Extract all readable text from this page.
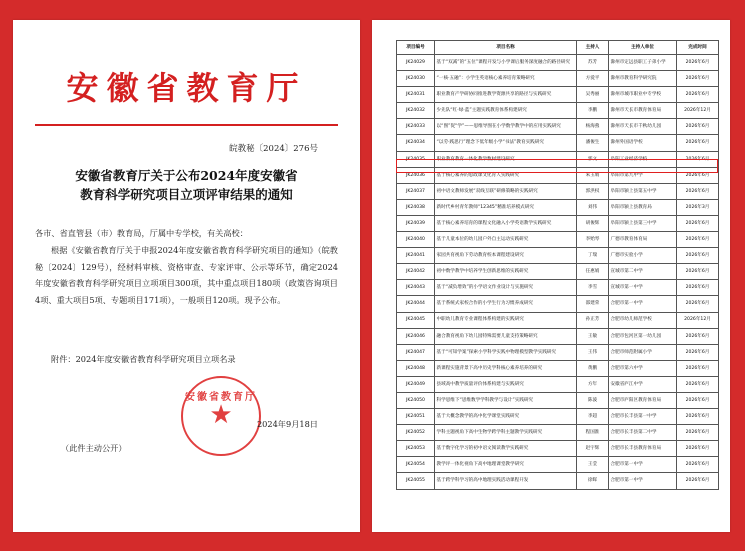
安徽省教育厅
皖教秘〔2024〕276号
安徽省教育厅关于公布2024年度安徽省
教育科学研究项目立项评审结果的通知
各市、省直管县（市）教育局，厅属中专学校，有关高校：
根据《安徽省教育厅关于申报2024年度安徽省教育科学研究项目的通知》（皖教秘〔2024〕129号），经材料审核、资格审查、专家评审、公示等环节，确定2024年度安徽省教育科学研究项目立项项目300项，其中重点项目180项（政策咨询项目4项、重大项目5项、专题项目171项），一般项目120项。现予公布。
附件：2024年度安徽省教育科学研究项目立项名录
安徽省教育厅
★	2024年9月18日
（此件主动公开）
项目编号	项目名称	主持人	主持人单位	完成时间
JK24029	基于“双减”的“五位”课程开发与小学课后服务深度融合的路径研究	苏芳	滁州市定远县职工子弟小学	2026年6月
JK24030	“一核·五融”：小学生英语核心素养培育策略研究	方爱平	滁州市教育科学研究院	2026年6月
JK24031	职业教育产学研协同推进教学资源共享的路径与实践研究	吴秀丽	滁州市城市职业中专学校	2026年6月
JK24032	少先队“红·绿·蓝”主题实践教育体系构建研究	李鹏	滁州市天长市教育体育局	2026年12月
JK24033	以“图”促“学”——思维导图在小学数学教学中的应用实践研究	杨海燕	滁州市天长市千秋幼儿园	2026年6月
JK24034	“以劳·践思行”理念下低年级小学“书法”教育实践研究	潘俊生	滁州外国语学校	2026年6月
JK24035	职业教育教育一体化教学数材建设研究	郭文	阜阳工业经济学校	2026年6月
JK24036	基于核心素养的思政课文化育人实践研究	朱玉娟	阜阳市第九中学	2026年6月
JK24037	初中语文教师发展“双线互联”研修策略的实践研究	郭洪权	阜阳市颍上县第五中学	2026年6月
JK24038	新时代乡村青年教师“12345”精准培养模式研究	刘伟	阜阳市颍上县教育局	2026年3月
JK24039	基于核心素养培育的课程文化融入小学英语教学实践研究	胡俊辉	阜阳市颍上县第三中学	2026年6月
JK24040	基于儿童本位的幼儿园户外自主运动实践研究	李贻琴	广德市教育体育局	2026年6月
JK24041	家园共育视角下劳动教育校本课程建设研究	丁瑞	广德市实验小学	2026年6月
JK24042	初中数学教学中培养学生创新思维的实践研究	任惠娟	宣城市第二中学	2026年6月
JK24043	基于“减负增效”的小学语文作业设计与实施研究	李雪	宣城市第一中学	2026年6月
JK24044	基于系统式家校合作的小学生行为习惯养成研究	邵建荣	合肥市第一中学	2026年6月
JK24045	中职幼儿教育专业课程体系构建的实践研究	孙正芳	合肥市幼儿师范学校	2026年12月
JK24046	融合教育视角下幼儿园特殊需要儿童支持策略研究	王敏	合肥市包河区第一幼儿园	2026年6月
JK24047	基于“可知学案”探索小学科学实践中物理模型教学实践研究	王伟	合肥市师范附属小学	2026年6月
JK24048	新课程实施背景下高中历史学科核心素养培养的研究	黄鹏	合肥市第六中学	2026年6月
JK24049	县域高中教学质量评价体系构建与实践研究	方年	安徽省庐江中学	2026年6月
JK24050	科学思维下“思维数学学科教学与设计”实践研究	陈波	合肥市庐阳区教育体育局	2026年6月
JK24051	基于大概念教学的高中化学课堂实践研究	李超	合肥市长丰县第一中学	2026年6月
JK24052	学科主题视角下高中生物学跨学科主题教学实践研究	程国淮	合肥市长丰县第二中学	2026年6月
JK24053	基于数字化学习的初中语文阅读教学实践研究	赵宇辉	合肥市长丰县教育体育局	2026年6月
JK24054	教学评一体化视角下高中地理课堂教学研究	王莹	合肥市第一中学	2026年6月
JK24055	基于跨学科学习的高中地理实践活动课程开发	徐晖	合肥市第一中学	2026年6月
